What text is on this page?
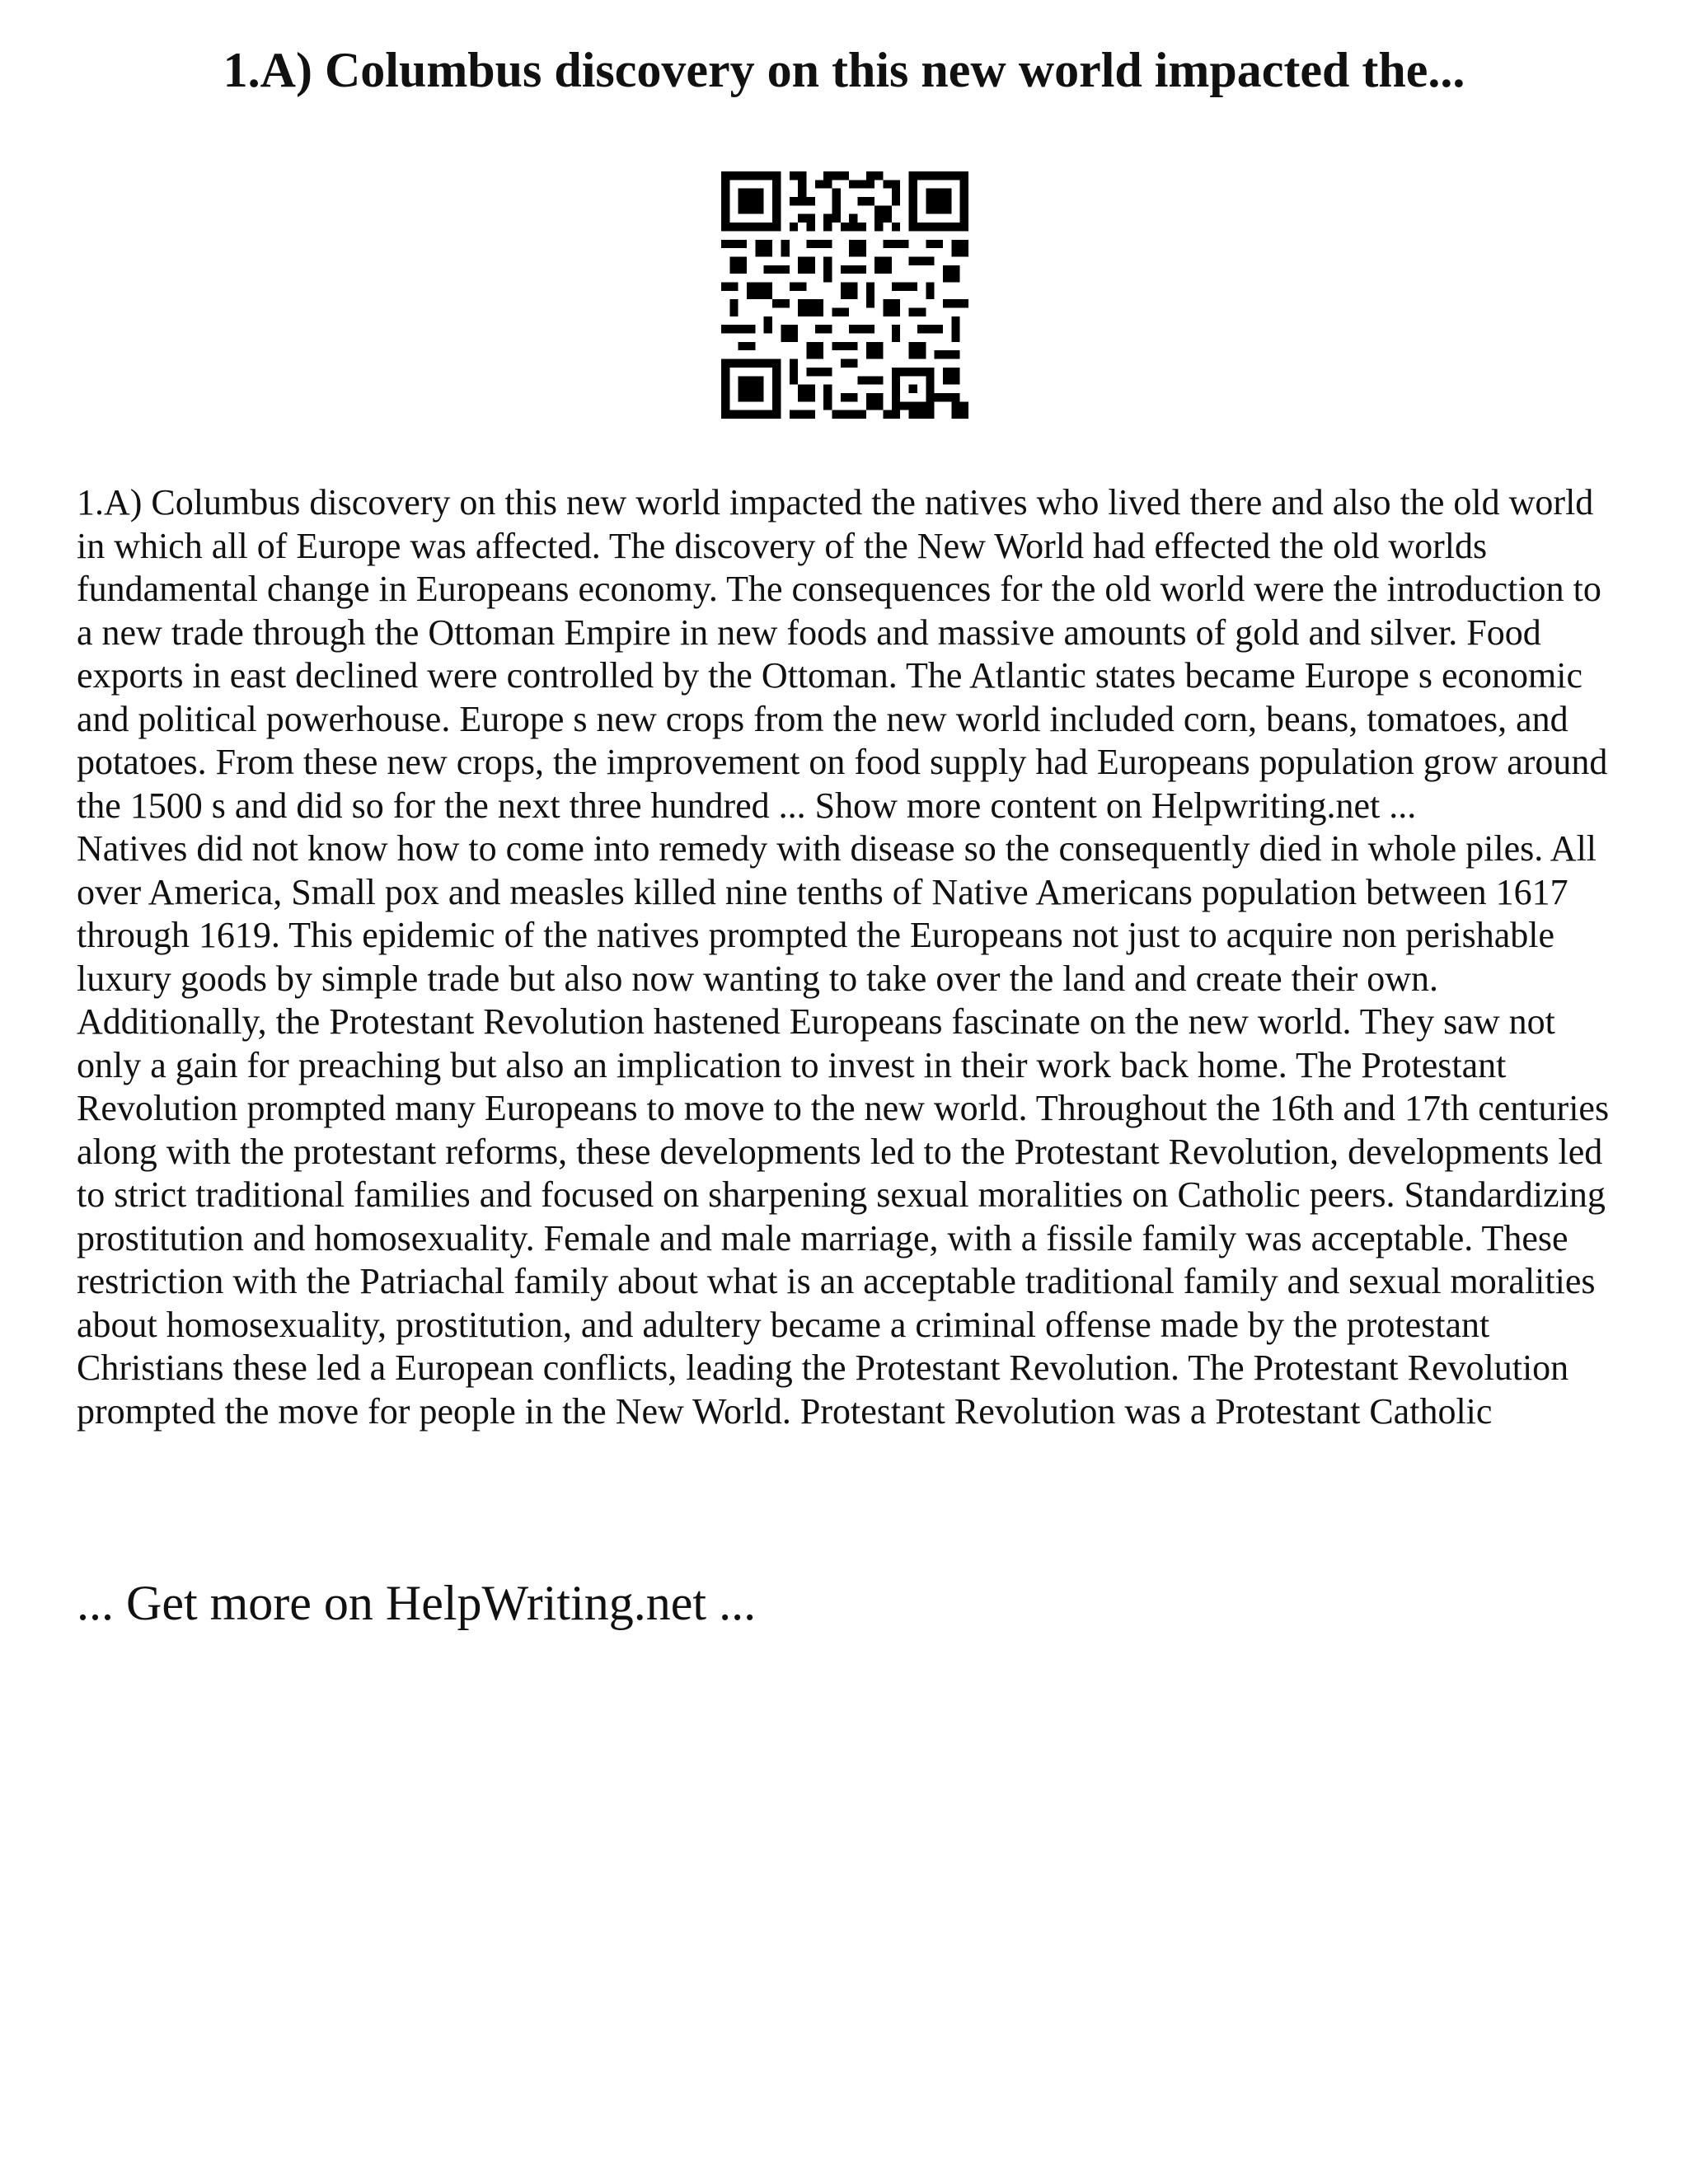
1.A) Columbus discovery on this new world impacted the...

1.A) Columbus discovery on this new world impacted the natives who lived there and also the old world in which all of Europe was affected. The discovery of the New World had effected the old worlds fundamental change in Europeans economy. The consequences for the old world were the introduction to a new trade through the Ottoman Empire in new foods and massive amounts of gold and silver. Food exports in east declined were controlled by the Ottoman. The Atlantic states became Europe s economic and political powerhouse. Europe s new crops from the new world included corn, beans, tomatoes, and potatoes. From these new crops, the improvement on food supply had Europeans population grow around the 1500 s and did so for the next three hundred ... Show more content on Helpwriting.net ...

Natives did not know how to come into remedy with disease so the consequently died in whole piles. All over America, Small pox and measles killed nine tenths of Native Americans population between 1617 through 1619. This epidemic of the natives prompted the Europeans not just to acquire non perishable luxury goods by simple trade but also now wanting to take over the land and create their own. Additionally, the Protestant Revolution hastened Europeans fascinate on the new world. They saw not only a gain for preaching but also an implication to invest in their work back home. The Protestant Revolution prompted many Europeans to move to the new world. Throughout the 16th and 17th centuries along with the protestant reforms, these developments led to the Protestant Revolution, developments led to strict traditional families and focused on sharpening sexual moralities on Catholic peers. Standardizing prostitution and homosexuality. Female and male marriage, with a fissile family was acceptable. These restriction with the Patriachal family about what is an acceptable traditional family and sexual moralities about homosexuality, prostitution, and adultery became a criminal offense made by the protestant Christians these led a European conflicts, leading the Protestant Revolution. The Protestant Revolution prompted the move for people in the New World. Protestant Revolution was a Protestant Catholic

... Get more on HelpWriting.net ...
